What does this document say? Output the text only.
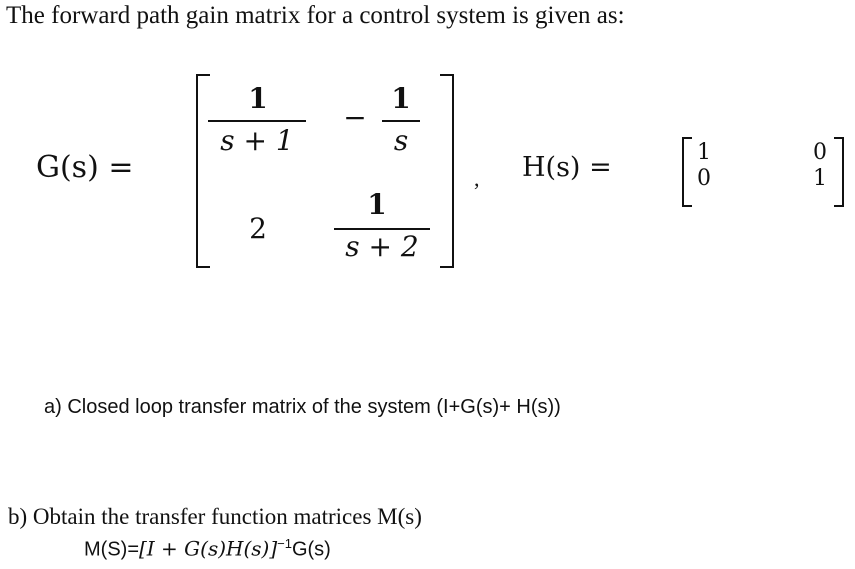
The forward path gain matrix for a control system is given as:
G(s) =
1
s + 1
−
1
s
2
1
s + 2
, H(s) =	1
0
0
1
a) Closed loop transfer matrix of the system (I+G(s)+ H(s))
b) Obtain the transfer function matrices M(s)
$M(S)=[I + G(s)H(s)]^{-1}G(s)$
